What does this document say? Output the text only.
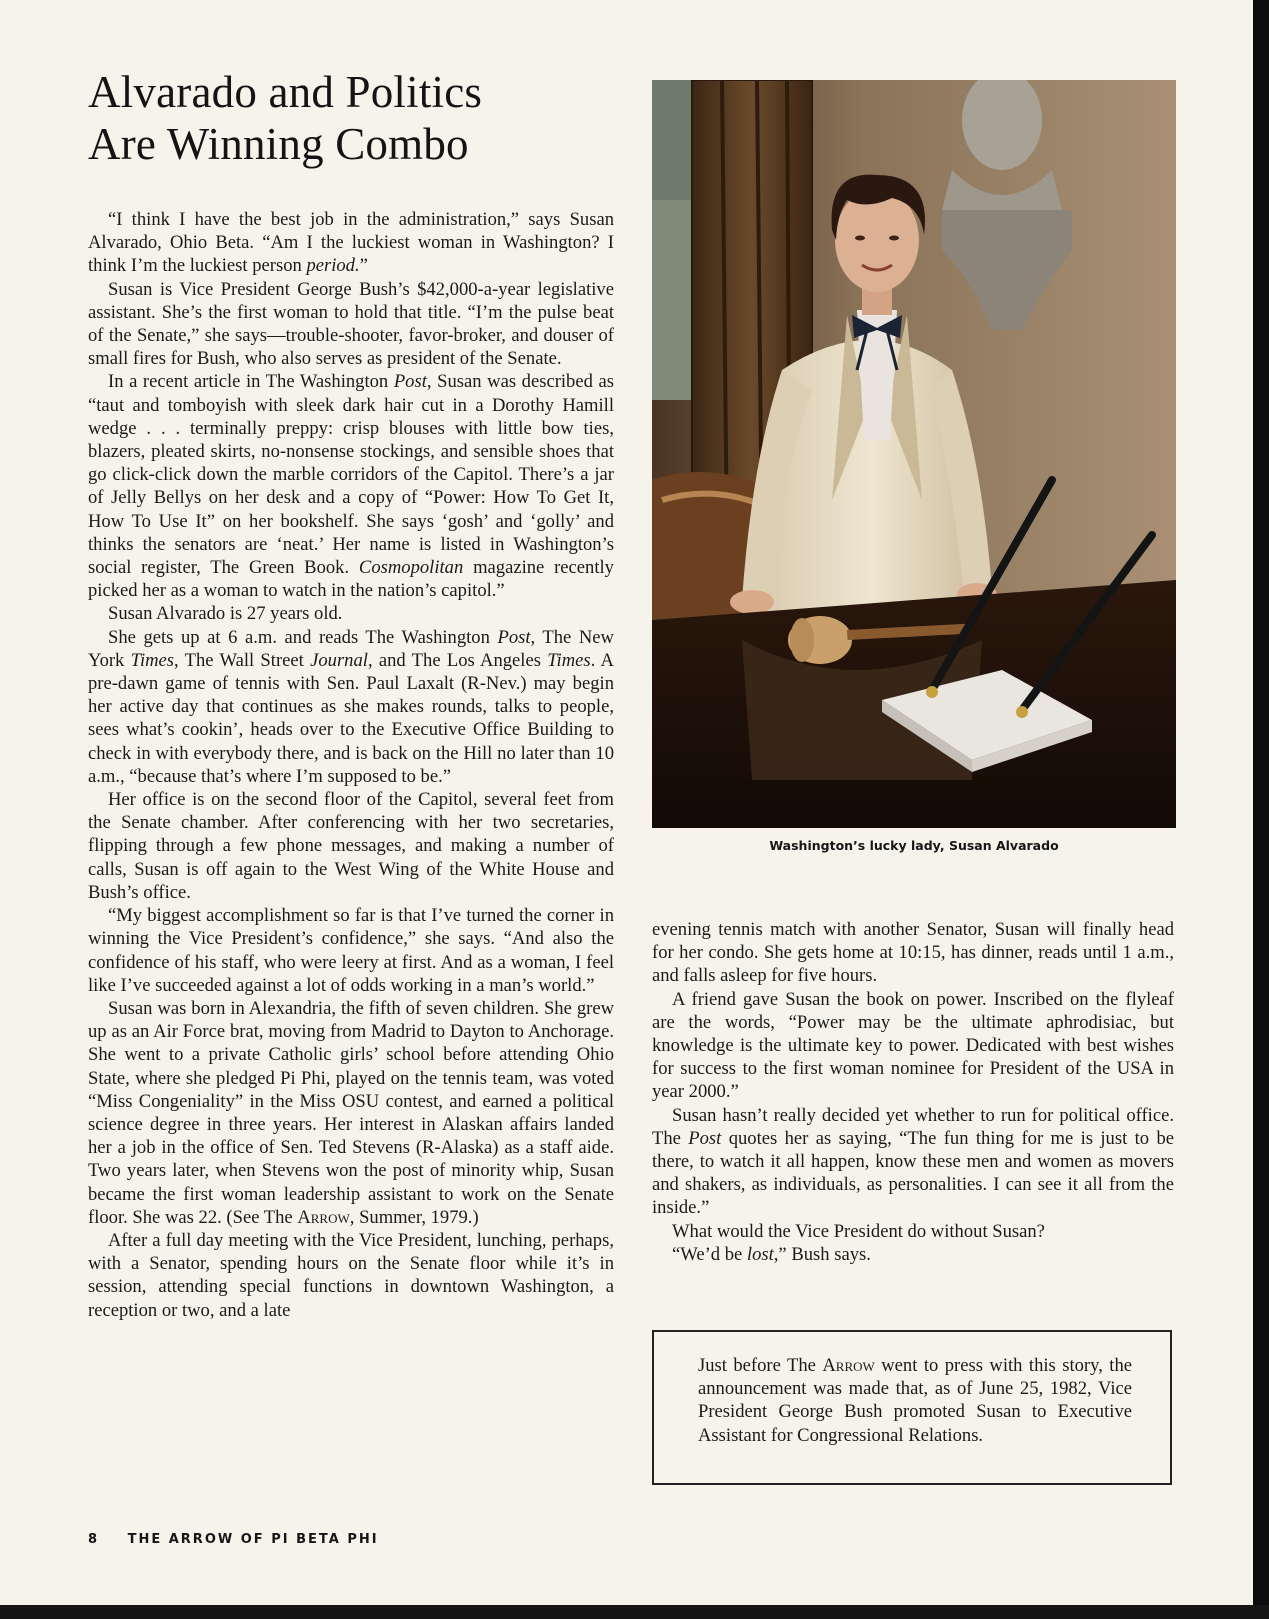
Alvarado and Politics
Are Winning Combo

“I think I have the best job in the administration,” says Susan Alvarado, Ohio Beta. “Am I the luckiest woman in Washington? I think I’m the luckiest person period.”

Susan is Vice President George Bush’s $42,000-a-year legislative assistant. She’s the first woman to hold that title. “I’m the pulse beat of the Senate,” she says—trouble-shooter, favor-broker, and douser of small fires for Bush, who also serves as president of the Senate.

In a recent article in The Washington Post, Susan was described as “taut and tomboyish with sleek dark hair cut in a Dorothy Hamill wedge . . . terminally preppy: crisp blouses with little bow ties, blazers, pleated skirts, no-nonsense stockings, and sensible shoes that go click-click down the marble corridors of the Capitol. There’s a jar of Jelly Bellys on her desk and a copy of “Power: How To Get It, How To Use It” on her bookshelf. She says ‘gosh’ and ‘golly’ and thinks the senators are ‘neat.’ Her name is listed in Washington’s social register, The Green Book. Cosmopolitan magazine recently picked her as a woman to watch in the nation’s capitol.”

Susan Alvarado is 27 years old.

She gets up at 6 a.m. and reads The Washington Post, The New York Times, The Wall Street Journal, and The Los Angeles Times. A pre-dawn game of tennis with Sen. Paul Laxalt (R-Nev.) may begin her active day that continues as she makes rounds, talks to people, sees what’s cookin’, heads over to the Executive Office Building to check in with everybody there, and is back on the Hill no later than 10 a.m., “because that’s where I’m supposed to be.”

Her office is on the second floor of the Capitol, several feet from the Senate chamber. After conferencing with her two secretaries, flipping through a few phone messages, and making a number of calls, Susan is off again to the West Wing of the White House and Bush’s office.

“My biggest accomplishment so far is that I’ve turned the corner in winning the Vice President’s confidence,” she says. “And also the confidence of his staff, who were leery at first. And as a woman, I feel like I’ve succeeded against a lot of odds working in a man’s world.”

Susan was born in Alexandria, the fifth of seven children. She grew up as an Air Force brat, moving from Madrid to Dayton to Anchorage. She went to a private Catholic girls’ school before attending Ohio State, where she pledged Pi Phi, played on the tennis team, was voted “Miss Congeniality” in the Miss OSU contest, and earned a political science degree in three years. Her interest in Alaskan affairs landed her a job in the office of Sen. Ted Stevens (R-Alaska) as a staff aide. Two years later, when Stevens won the post of minority whip, Susan became the first woman leadership assistant to work on the Senate floor. She was 22. (See The Arrow, Summer, 1979.)

After a full day meeting with the Vice President, lunching, perhaps, with a Senator, spending hours on the Senate floor while it’s in session, attending special functions in downtown Washington, a reception or two, and a late

Washington’s lucky lady, Susan Alvarado

evening tennis match with another Senator, Susan will finally head for her condo. She gets home at 10:15, has dinner, reads until 1 a.m., and falls asleep for five hours.

A friend gave Susan the book on power. Inscribed on the flyleaf are the words, “Power may be the ultimate aphrodisiac, but knowledge is the ultimate key to power. Dedicated with best wishes for success to the first woman nominee for President of the USA in year 2000.”

Susan hasn’t really decided yet whether to run for political office. The Post quotes her as saying, “The fun thing for me is just to be there, to watch it all happen, know these men and women as movers and shakers, as individuals, as personalities. I can see it all from the inside.”

What would the Vice President do without Susan?

“We’d be lost,” Bush says.

Just before The Arrow went to press with this story, the announcement was made that, as of June 25, 1982, Vice President George Bush promoted Susan to Executive Assistant for Congressional Relations.

8 THE ARROW OF PI BETA PHI
